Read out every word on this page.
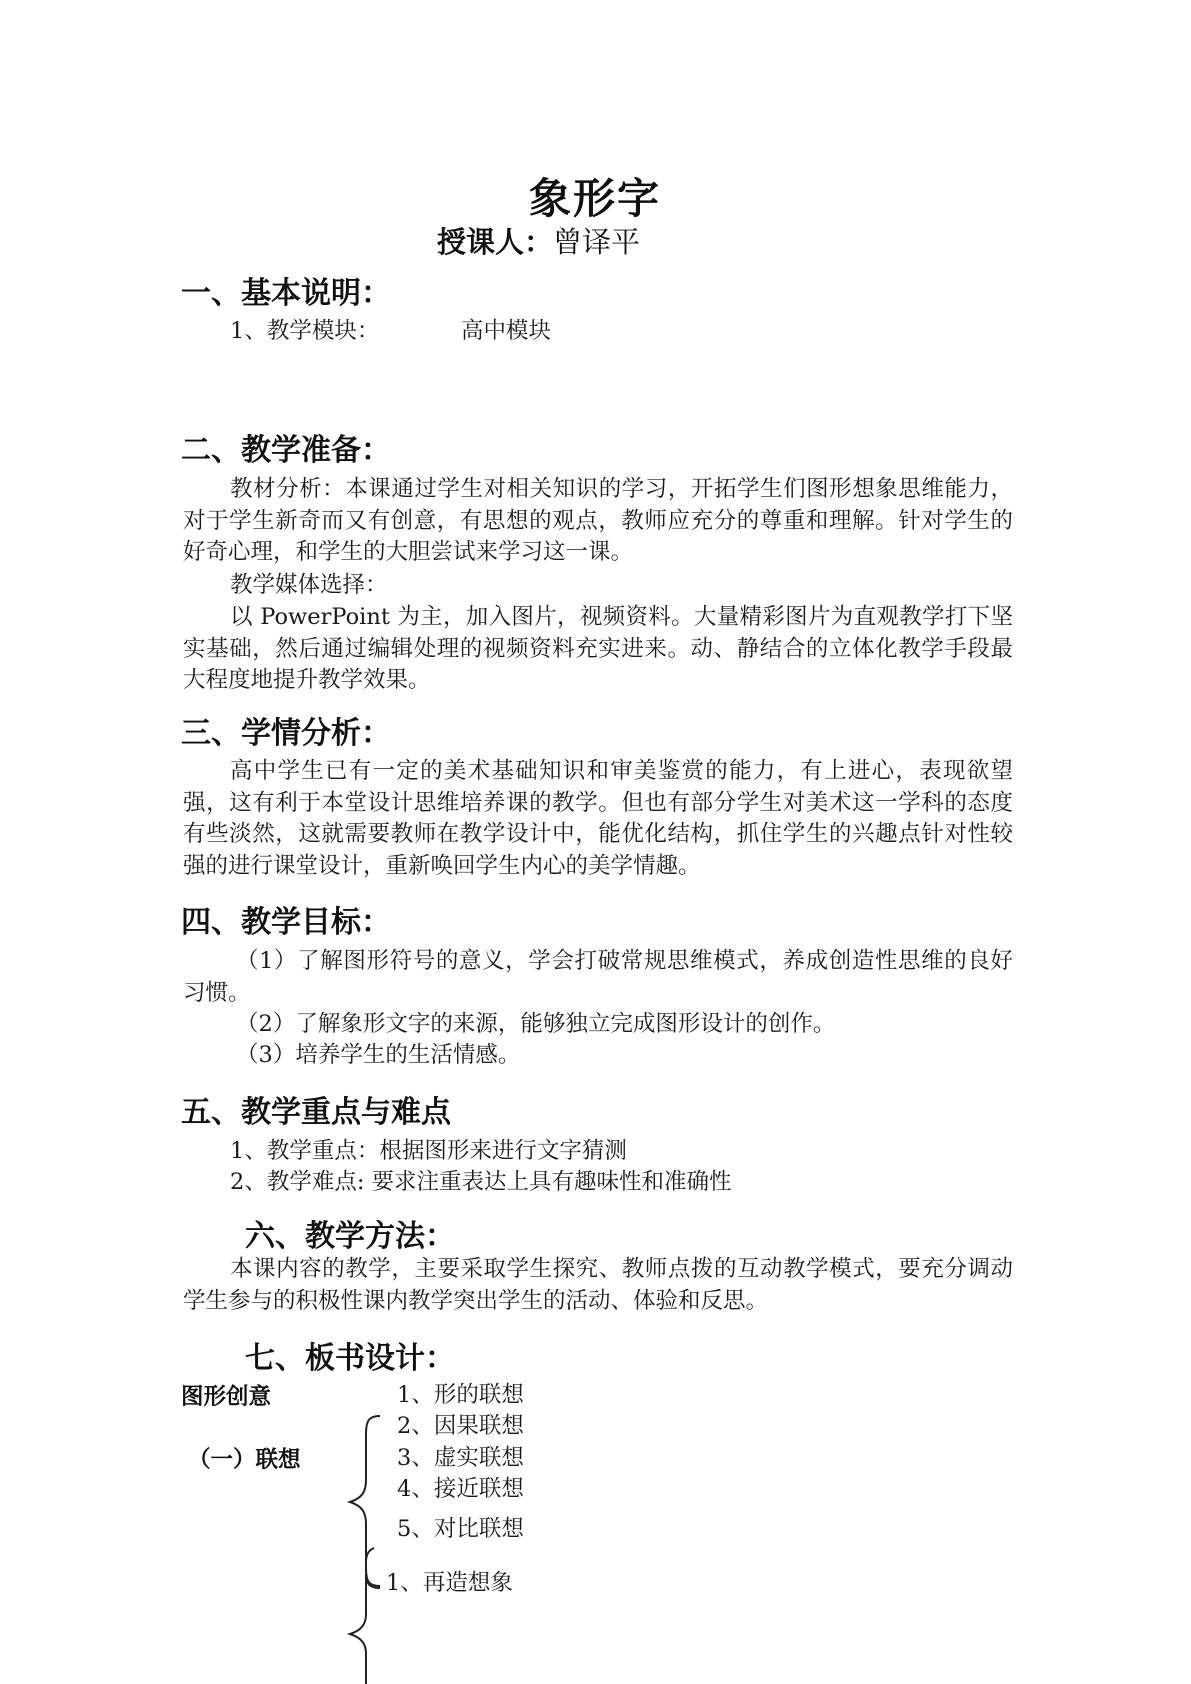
象形字
授课人：曾译平
一、基本说明：
1、教学模块：	高中模块
二、教学准备：
教材分析：本课通过学生对相关知识的学习，开拓学生们图形想象思维能力，对于学生新奇而又有创意，有思想的观点，教师应充分的尊重和理解。针对学生的好奇心理，和学生的大胆尝试来学习这一课。
教学媒体选择：
以 PowerPoint 为主，加入图片，视频资料。大量精彩图片为直观教学打下坚实基础，然后通过编辑处理的视频资料充实进来。动、静结合的立体化教学手段最大程度地提升教学效果。
三、学情分析：
高中学生已有一定的美术基础知识和审美鉴赏的能力，有上进心，表现欲望强，这有利于本堂设计思维培养课的教学。但也有部分学生对美术这一学科的态度有些淡然，这就需要教师在教学设计中，能优化结构，抓住学生的兴趣点针对性较强的进行课堂设计，重新唤回学生内心的美学情趣。
四、教学目标：
（1）了解图形符号的意义，学会打破常规思维模式，养成创造性思维的良好习惯。
（2）了解象形文字的来源，能够独立完成图形设计的创作。
（3）培养学生的生活情感。
五、教学重点与难点
1、教学重点：根据图形来进行文字猜测
2、教学难点: 要求注重表达上具有趣味性和准确性
六、教学方法：
本课内容的教学，主要采取学生探究、教师点拨的互动教学模式，要充分调动学生参与的积极性课内教学突出学生的活动、体验和反思。
七、板书设计：
图形创意
（一）联想
1、形的联想
2、因果联想
3、虚实联想
4、接近联想
5、对比联想
1、再造想象
